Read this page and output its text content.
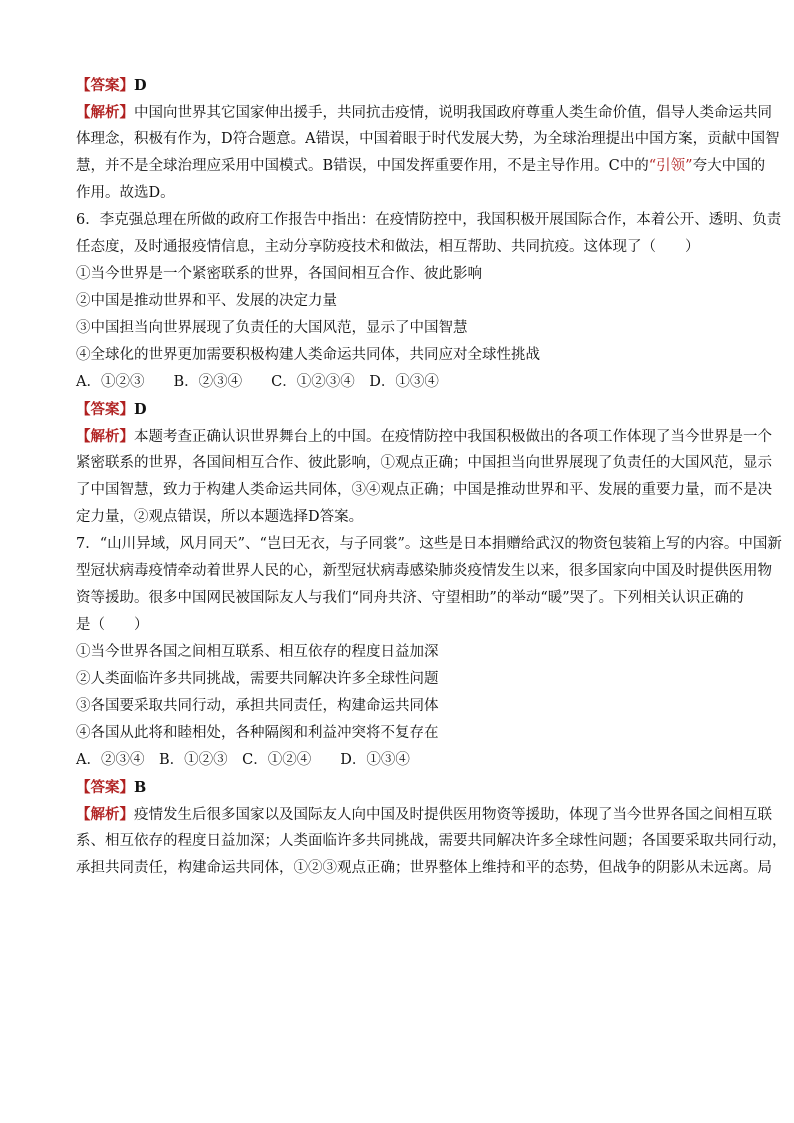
【答案】D
【解析】中国向世界其它国家伸出援手，共同抗击疫情，说明我国政府尊重人类生命价值，倡导人类命运共同
体理念，积极有作为，D符合题意。A错误，中国着眼于时代发展大势，为全球治理提出中国方案，贡献中国智
慧，并不是全球治理应采用中国模式。B错误，中国发挥重要作用，不是主导作用。C中的“引领”夸大中国的
作用。故选D。
6．李克强总理在所做的政府工作报告中指出：在疫情防控中，我国积极开展国际合作，本着公开、透明、负责
任态度，及时通报疫情信息，主动分享防疫技术和做法，相互帮助、共同抗疫。这体现了（　　）
①当今世界是一个紧密联系的世界，各国间相互合作、彼此影响
②中国是推动世界和平、发展的决定力量
③中国担当向世界展现了负责任的大国风范，显示了中国智慧
④全球化的世界更加需要积极构建人类命运共同体，共同应对全球性挑战
A．①②③　　B．②③④　　C．①②③④　D．①③④
【答案】D
【解析】本题考查正确认识世界舞台上的中国。在疫情防控中我国积极做出的各项工作体现了当今世界是一个
紧密联系的世界，各国间相互合作、彼此影响，①观点正确；中国担当向世界展现了负责任的大国风范，显示
了中国智慧，致力于构建人类命运共同体，③④观点正确；中国是推动世界和平、发展的重要力量，而不是决
定力量，②观点错误，所以本题选择D答案。
7．“山川异域，风月同天”、“岂曰无衣，与子同裳”。这些是日本捐赠给武汉的物资包装箱上写的内容。中国新
型冠状病毒疫情牵动着世界人民的心，新型冠状病毒感染肺炎疫情发生以来，很多国家向中国及时提供医用物
资等援助。很多中国网民被国际友人与我们“同舟共济、守望相助”的举动“暖”哭了。下列相关认识正确的
是（　　）
①当今世界各国之间相互联系、相互依存的程度日益加深
②人类面临许多共同挑战，需要共同解决许多全球性问题
③各国要采取共同行动，承担共同责任，构建命运共同体
④各国从此将和睦相处，各种隔阂和利益冲突将不复存在
A．②③④　B．①②③　C．①②④　　D．①③④
【答案】B
【解析】疫情发生后很多国家以及国际友人向中国及时提供医用物资等援助，体现了当今世界各国之间相互联
系、相互依存的程度日益加深；人类面临许多共同挑战，需要共同解决许多全球性问题；各国要采取共同行动，
承担共同责任，构建命运共同体，①②③观点正确；世界整体上维持和平的态势，但战争的阴影从未远离。局
